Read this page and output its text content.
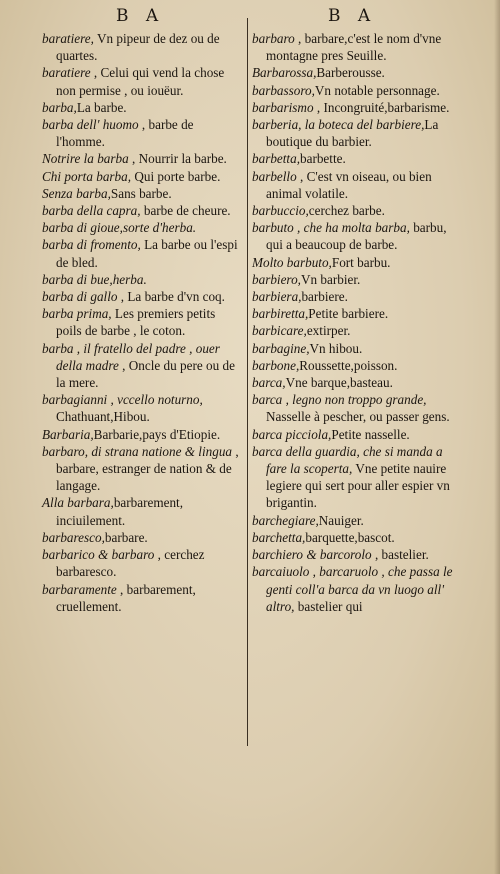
B A	B A

baratiere, Vn pipeur de dez ou de quartes.

baratiere , Celui qui vend la chose non permise , ou iouëur.

barba,La barbe.

barba dell' huomo , barbe de l'homme.

Notrire la barba , Nourrir la barbe.

Chi porta barba, Qui porte barbe.

Senza barba,Sans barbe.

barba della capra, barbe de cheure.

barba di gioue,sorte d'herba.

barba di fromento, La barbe ou l'espi de bled.

barba di bue,herba.

barba di gallo , La barbe d'vn coq.

barba prima, Les premiers petits poils de barbe , le coton.

barba , il fratello del padre , ouer della madre , Oncle du pere ou de la mere.

barbagianni , vccello noturno, Chathuant,Hibou.

Barbaria,Barbarie,pays d'Etiopie.

barbaro, di strana natione & lingua , barbare, estranger de nation & de langage.

Alla barbara,barbarement, inciuilement.

barbaresco,barbare.

barbarico & barbaro , cerchez barbaresco.

barbaramente , barbarement, cruellement.

barbaro , barbare,c'est le nom d'vne montagne pres Seuille.

Barbarossa,Barberousse.

barbassoro,Vn notable personnage.

barbarismo , Incongruité,barbarisme.

barberia, la boteca del barbiere,La boutique du barbier.

barbetta,barbette.

barbello , C'est vn oiseau, ou bien animal volatile.

barbuccio,cerchez barbe.

barbuto , che ha molta barba, barbu, qui a beaucoup de barbe.

Molto barbuto,Fort barbu.

barbiero,Vn barbier.

barbiera,barbiere.

barbiretta,Petite barbiere.

barbicare,extirper.

barbagine,Vn hibou.

barbone,Roussette,poisson.

barca,Vne barque,basteau.

barca , legno non troppo grande, Nasselle à pescher, ou passer gens.

barca picciola,Petite nasselle.

barca della guardia, che si manda a fare la scoperta, Vne petite nauire legiere qui sert pour aller espier vn brigantin.

barchegiare,Nauiger.

barchetta,barquette,bascot.

barchiero & barcorolo , bastelier.

barcaiuolo , barcaruolo , che passa le genti coll'a barca da vn luogo all' altro, bastelier qui
